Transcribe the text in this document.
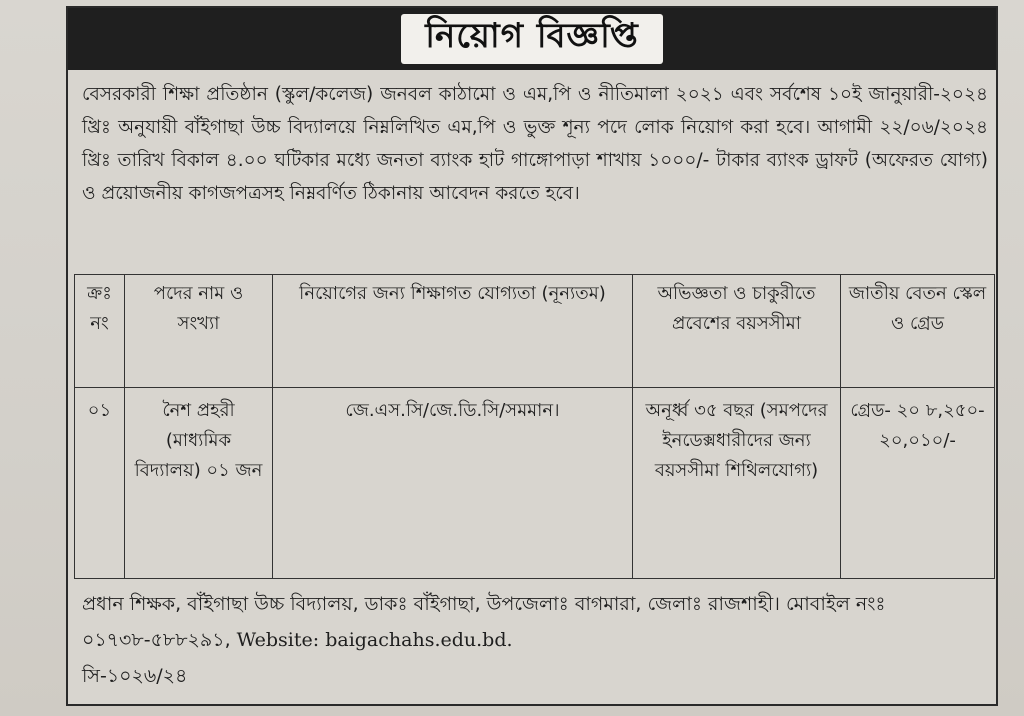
নিয়োগ বিজ্ঞপ্তি
বেসরকারী শিক্ষা প্রতিষ্ঠান (স্কুল/কলেজ) জনবল কাঠামো ও এম,পি ও নীতিমালা ২০২১ এবং সর্বশেষ ১০ই জানুয়ারী-২০২৪ খ্রিঃ অনুযায়ী বাঁইগাছা উচ্চ বিদ্যালয়ে নিম্নলিখিত এম,পি ও ভুক্ত শূন্য পদে লোক নিয়োগ করা হবে। আগামী ২২/০৬/২০২৪ খ্রিঃ তারিখ বিকাল ৪.০০ ঘটিকার মধ্যে জনতা ব্যাংক হাট গাঙ্গোপাড়া শাখায় ১০০০/- টাকার ব্যাংক ড্রাফট (অফেরত যোগ্য) ও প্রয়োজনীয় কাগজপত্রসহ নিম্নবর্ণিত ঠিকানায় আবেদন করতে হবে।
ক্রঃ নং	পদের নাম ও সংখ্যা	নিয়োগের জন্য শিক্ষাগত যোগ্যতা (নূন্যতম)	অভিজ্ঞতা ও চাকুরীতে প্রবেশের বয়সসীমা	জাতীয় বেতন স্কেল ও গ্রেড
০১	নৈশ প্রহরী (মাধ্যমিক বিদ্যালয়) ০১ জন	জে.এস.সি/জে.ডি.সি/সমমান।	অনূর্ধ্ব ৩৫ বছর (সমপদের ইনডেক্সধারীদের জন্য বয়সসীমা শিথিলযোগ্য)	গ্রেড- ২০ ৮,২৫০- ২০,০১০/-
প্রধান শিক্ষক, বাঁইগাছা উচ্চ বিদ্যালয়, ডাকঃ বাঁইগাছা, উপজেলাঃ বাগমারা, জেলাঃ রাজশাহী। মোবাইল নংঃ ০১৭৩৮-৫৮৮২৯১, Website: baigachahs.edu.bd.
সি-১০২৬/২৪
